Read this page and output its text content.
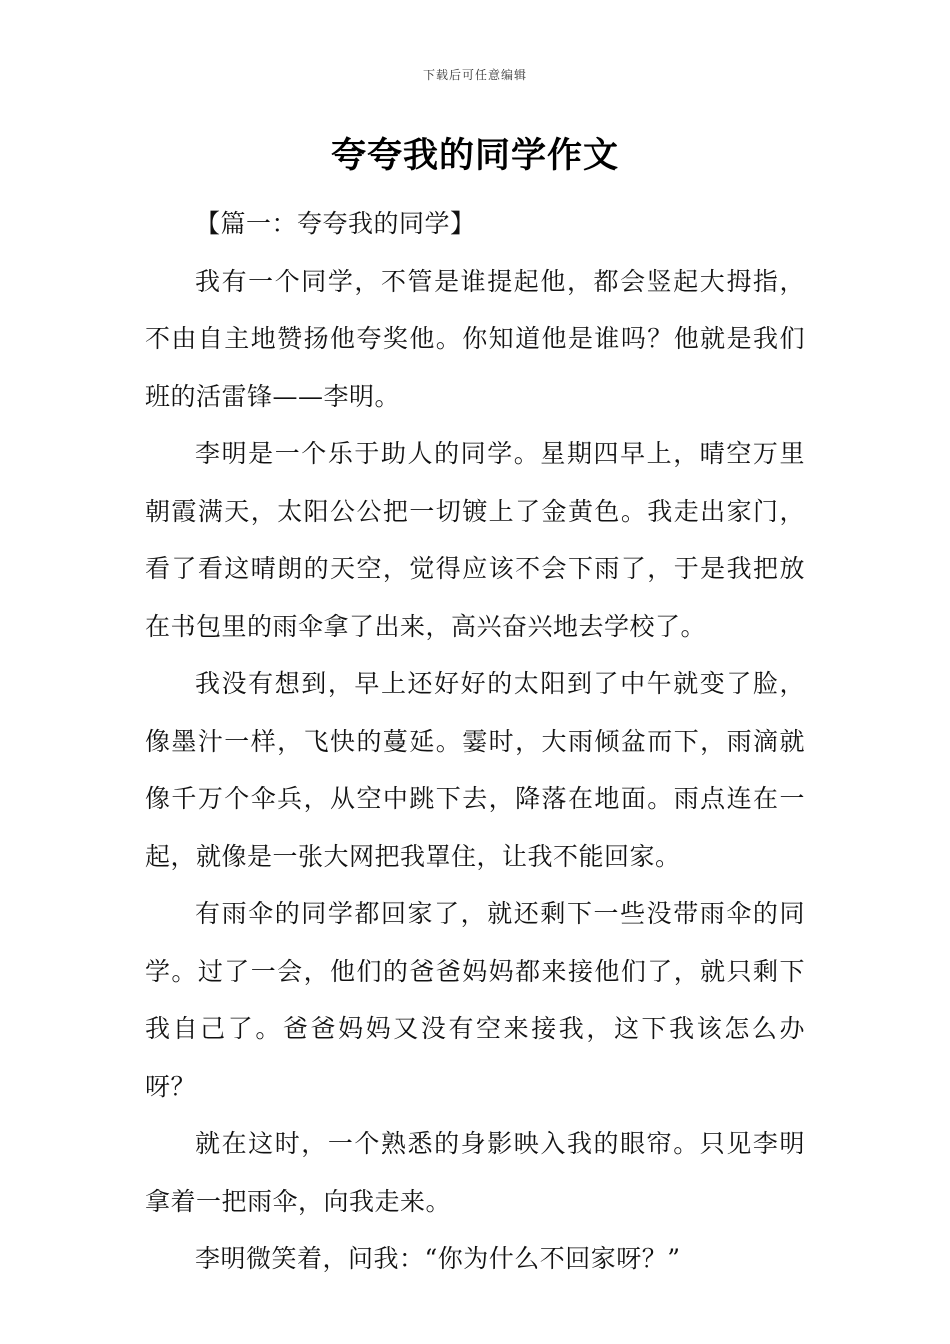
下载后可任意编辑
夸夸我的同学作文

【篇一：夸夸我的同学】

我有一个同学，不管是谁提起他，都会竖起大拇指，不由自主地赞扬他夸奖他。你知道他是谁吗？他就是我们班的活雷锋——李明。

李明是一个乐于助人的同学。星期四早上，晴空万里朝霞满天，太阳公公把一切镀上了金黄色。我走出家门，看了看这晴朗的天空，觉得应该不会下雨了，于是我把放在书包里的雨伞拿了出来，高兴奋兴地去学校了。

我没有想到，早上还好好的太阳到了中午就变了脸，像墨汁一样，飞快的蔓延。霎时，大雨倾盆而下，雨滴就像千万个伞兵，从空中跳下去，降落在地面。雨点连在一起，就像是一张大网把我罩住，让我不能回家。

有雨伞的同学都回家了，就还剩下一些没带雨伞的同学。过了一会，他们的爸爸妈妈都来接他们了，就只剩下我自己了。爸爸妈妈又没有空来接我，这下我该怎么办呀？

就在这时，一个熟悉的身影映入我的眼帘。只见李明拿着一把雨伞，向我走来。

李明微笑着，问我：“你为什么不回家呀？”
